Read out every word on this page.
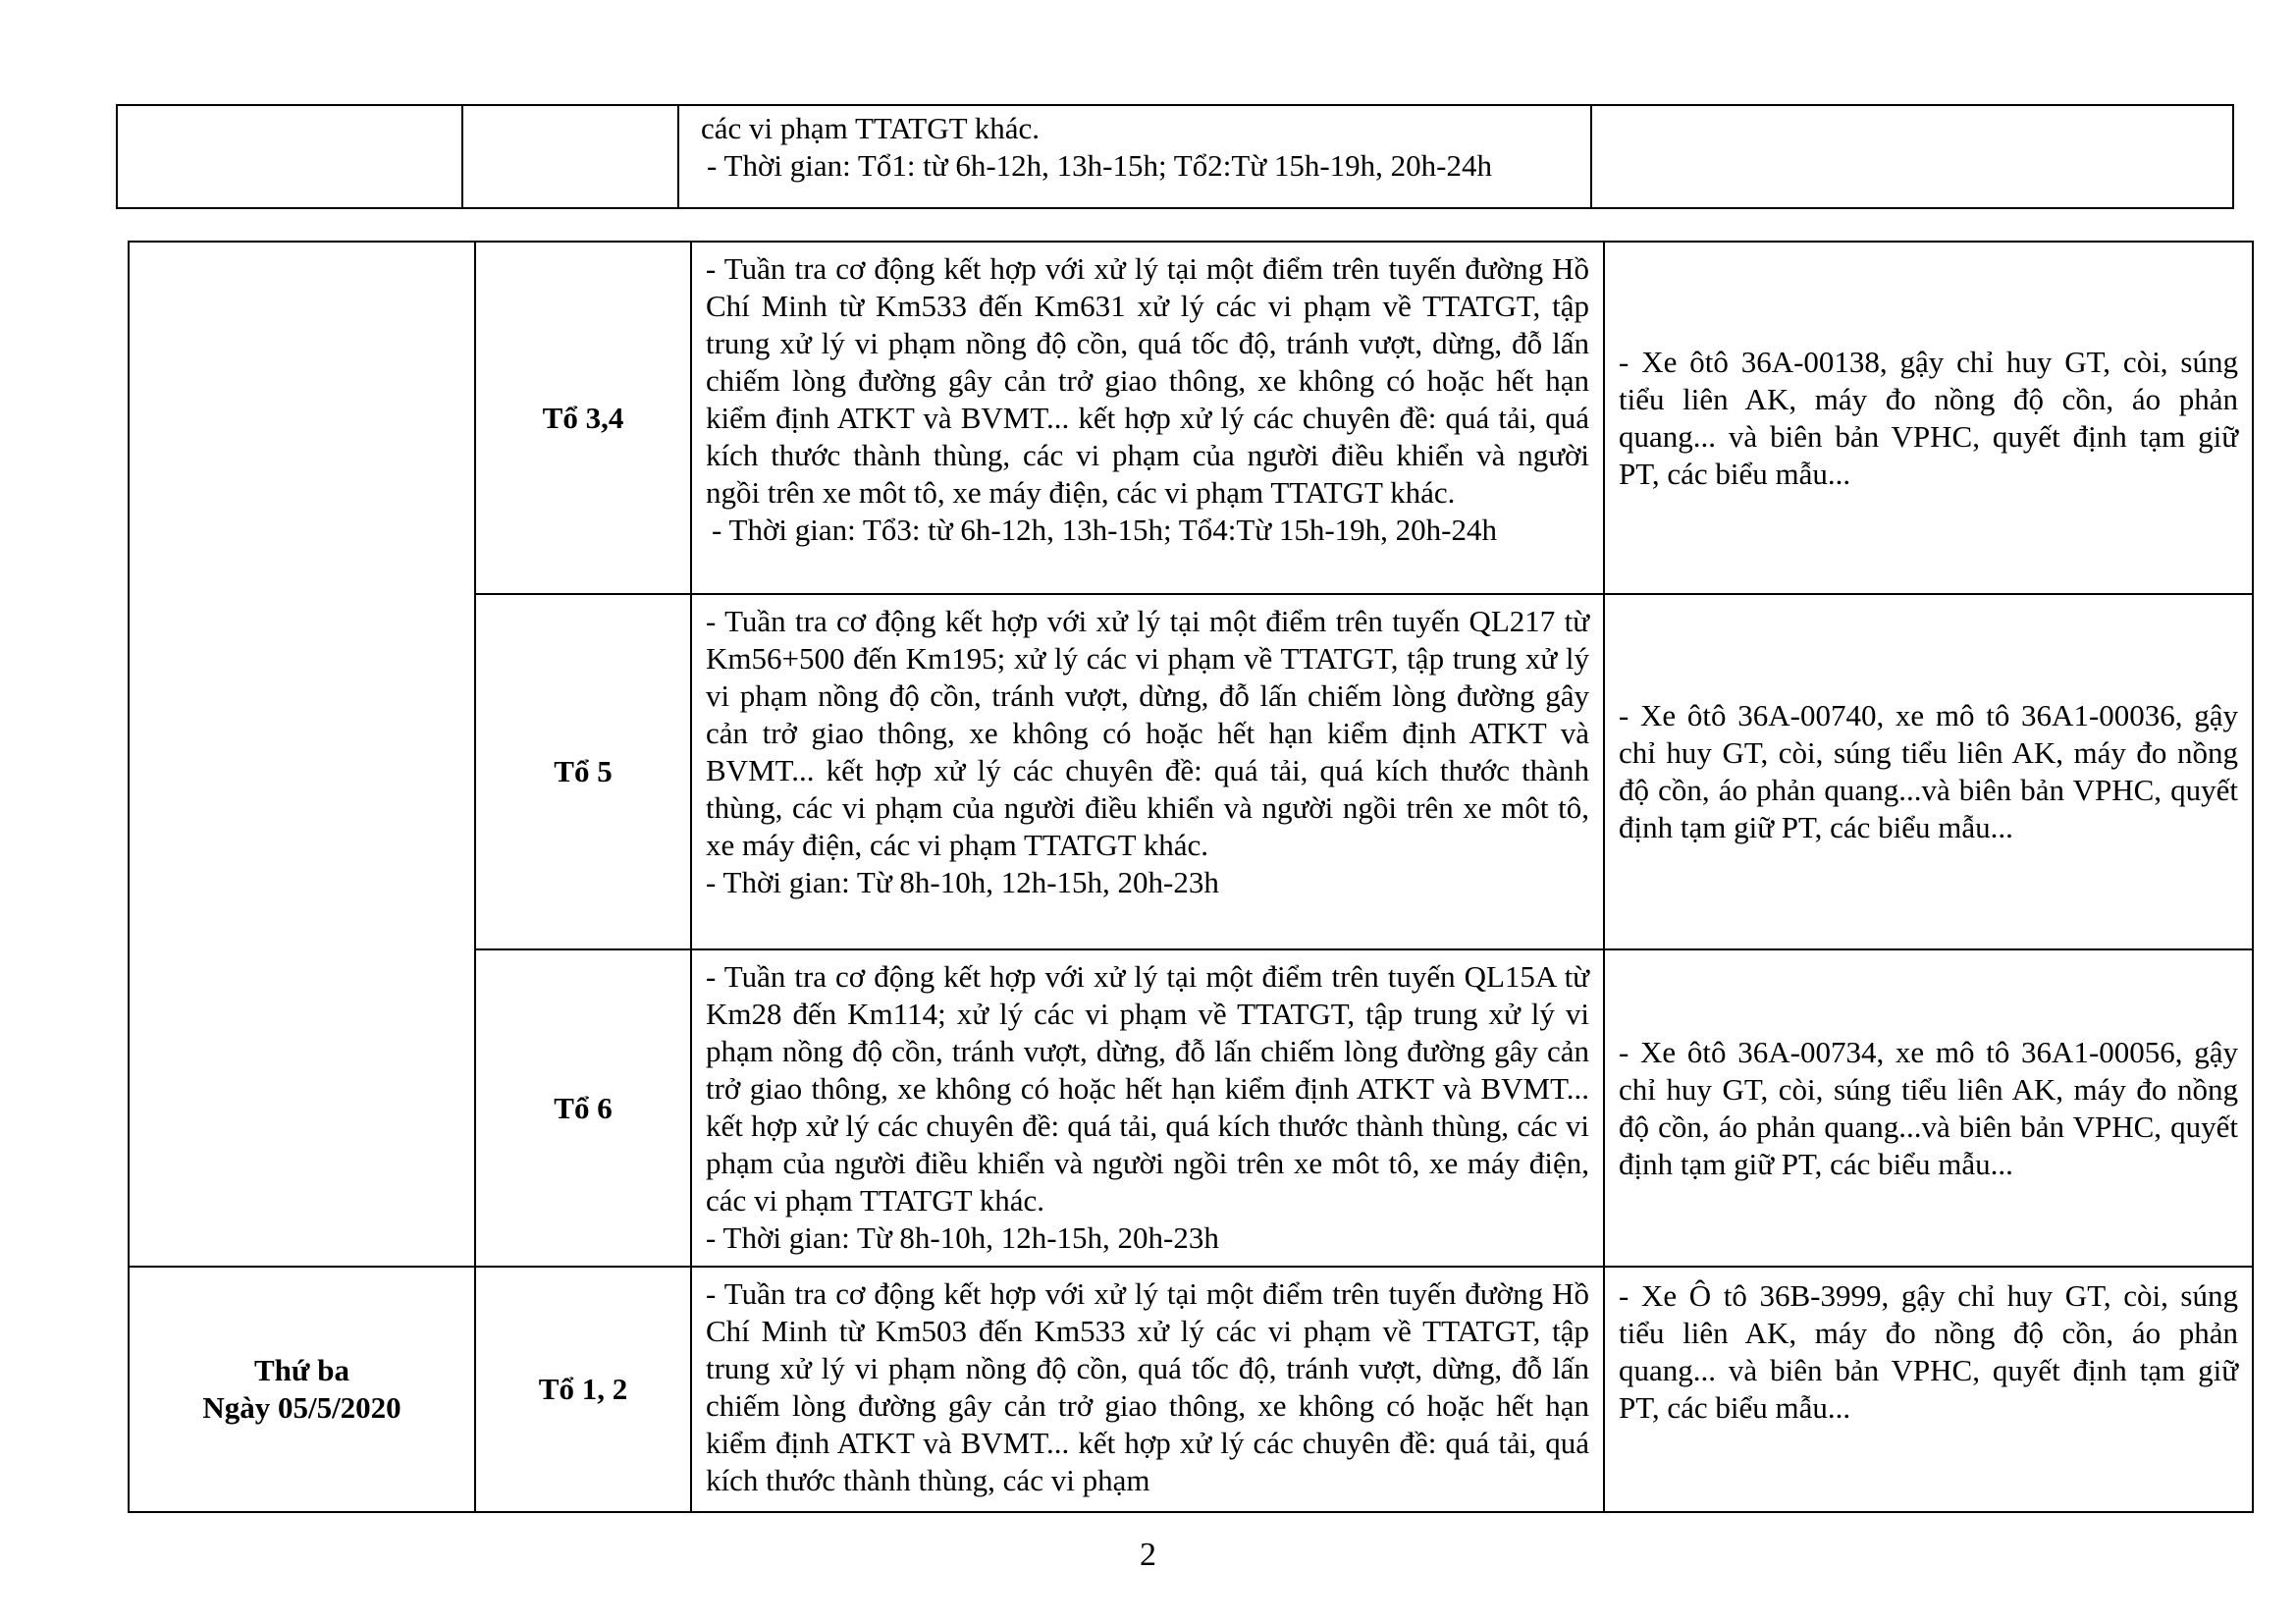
các vi phạm TTATGT khác.
- Thời gian: Tổ1: từ 6h-12h, 13h-15h; Tổ2:Từ 15h-19h, 20h-24h

	Tổ 3,4	- Tuần tra cơ động kết hợp với xử lý tại một điểm trên tuyến đường Hồ Chí Minh từ Km533 đến Km631 xử lý các vi phạm về TTATGT, tập trung xử lý vi phạm nồng độ cồn, quá tốc độ, tránh vượt, dừng, đỗ lấn chiếm lòng đường gây cản trở giao thông, xe không có hoặc hết hạn kiểm định ATKT và BVMT... kết hợp xử lý các chuyên đề: quá tải, quá kích thước thành thùng, các vi phạm của người điều khiển và người ngồi trên xe môt tô, xe máy điện, các vi phạm TTATGT khác.
- Thời gian: Tổ3: từ 6h-12h, 13h-15h; Tổ4:Từ 15h-19h, 20h-24h	- Xe ôtô 36A-00138, gậy chỉ huy GT, còi, súng tiểu liên AK, máy đo nồng độ cồn, áo phản quang... và biên bản VPHC, quyết định tạm giữ PT, các biểu mẫu...
	Tổ 5	- Tuần tra cơ động kết hợp với xử lý tại một điểm trên tuyến QL217 từ Km56+500 đến Km195; xử lý các vi phạm về TTATGT, tập trung xử lý vi phạm nồng độ cồn, tránh vượt, dừng, đỗ lấn chiếm lòng đường gây cản trở giao thông, xe không có hoặc hết hạn kiểm định ATKT và BVMT... kết hợp xử lý các chuyên đề: quá tải, quá kích thước thành thùng, các vi phạm của người điều khiển và người ngồi trên xe môt tô, xe máy điện, các vi phạm TTATGT khác.
- Thời gian: Từ 8h-10h, 12h-15h, 20h-23h	- Xe ôtô 36A-00740, xe mô tô 36A1-00036, gậy chỉ huy GT, còi, súng tiểu liên AK, máy đo nồng độ cồn, áo phản quang...và biên bản VPHC, quyết định tạm giữ PT, các biểu mẫu...
	Tổ 6	- Tuần tra cơ động kết hợp với xử lý tại một điểm trên tuyến QL15A từ Km28 đến Km114; xử lý các vi phạm về TTATGT, tập trung xử lý vi phạm nồng độ cồn, tránh vượt, dừng, đỗ lấn chiếm lòng đường gây cản trở giao thông, xe không có hoặc hết hạn kiểm định ATKT và BVMT... kết hợp xử lý các chuyên đề: quá tải, quá kích thước thành thùng, các vi phạm của người điều khiển và người ngồi trên xe môt tô, xe máy điện, các vi phạm TTATGT khác.
- Thời gian: Từ 8h-10h, 12h-15h, 20h-23h	- Xe ôtô 36A-00734, xe mô tô 36A1-00056, gậy chỉ huy GT, còi, súng tiểu liên AK, máy đo nồng độ cồn, áo phản quang...và biên bản VPHC, quyết định tạm giữ PT, các biểu mẫu...

Thứ ba
Ngày 05/5/2020	Tổ 1, 2	- Tuần tra cơ động kết hợp với xử lý tại một điểm trên tuyến đường Hồ Chí Minh từ Km503 đến Km533 xử lý các vi phạm về TTATGT, tập trung xử lý vi phạm nồng độ cồn, quá tốc độ, tránh vượt, dừng, đỗ lấn chiếm lòng đường gây cản trở giao thông, xe không có hoặc hết hạn kiểm định ATKT và BVMT... kết hợp xử lý các chuyên đề: quá tải, quá kích thước thành thùng, các vi phạm	- Xe Ô tô 36B-3999, gậy chỉ huy GT, còi, súng tiểu liên AK, máy đo nồng độ cồn, áo phản quang... và biên bản VPHC, quyết định tạm giữ PT, các biểu mẫu...
2
